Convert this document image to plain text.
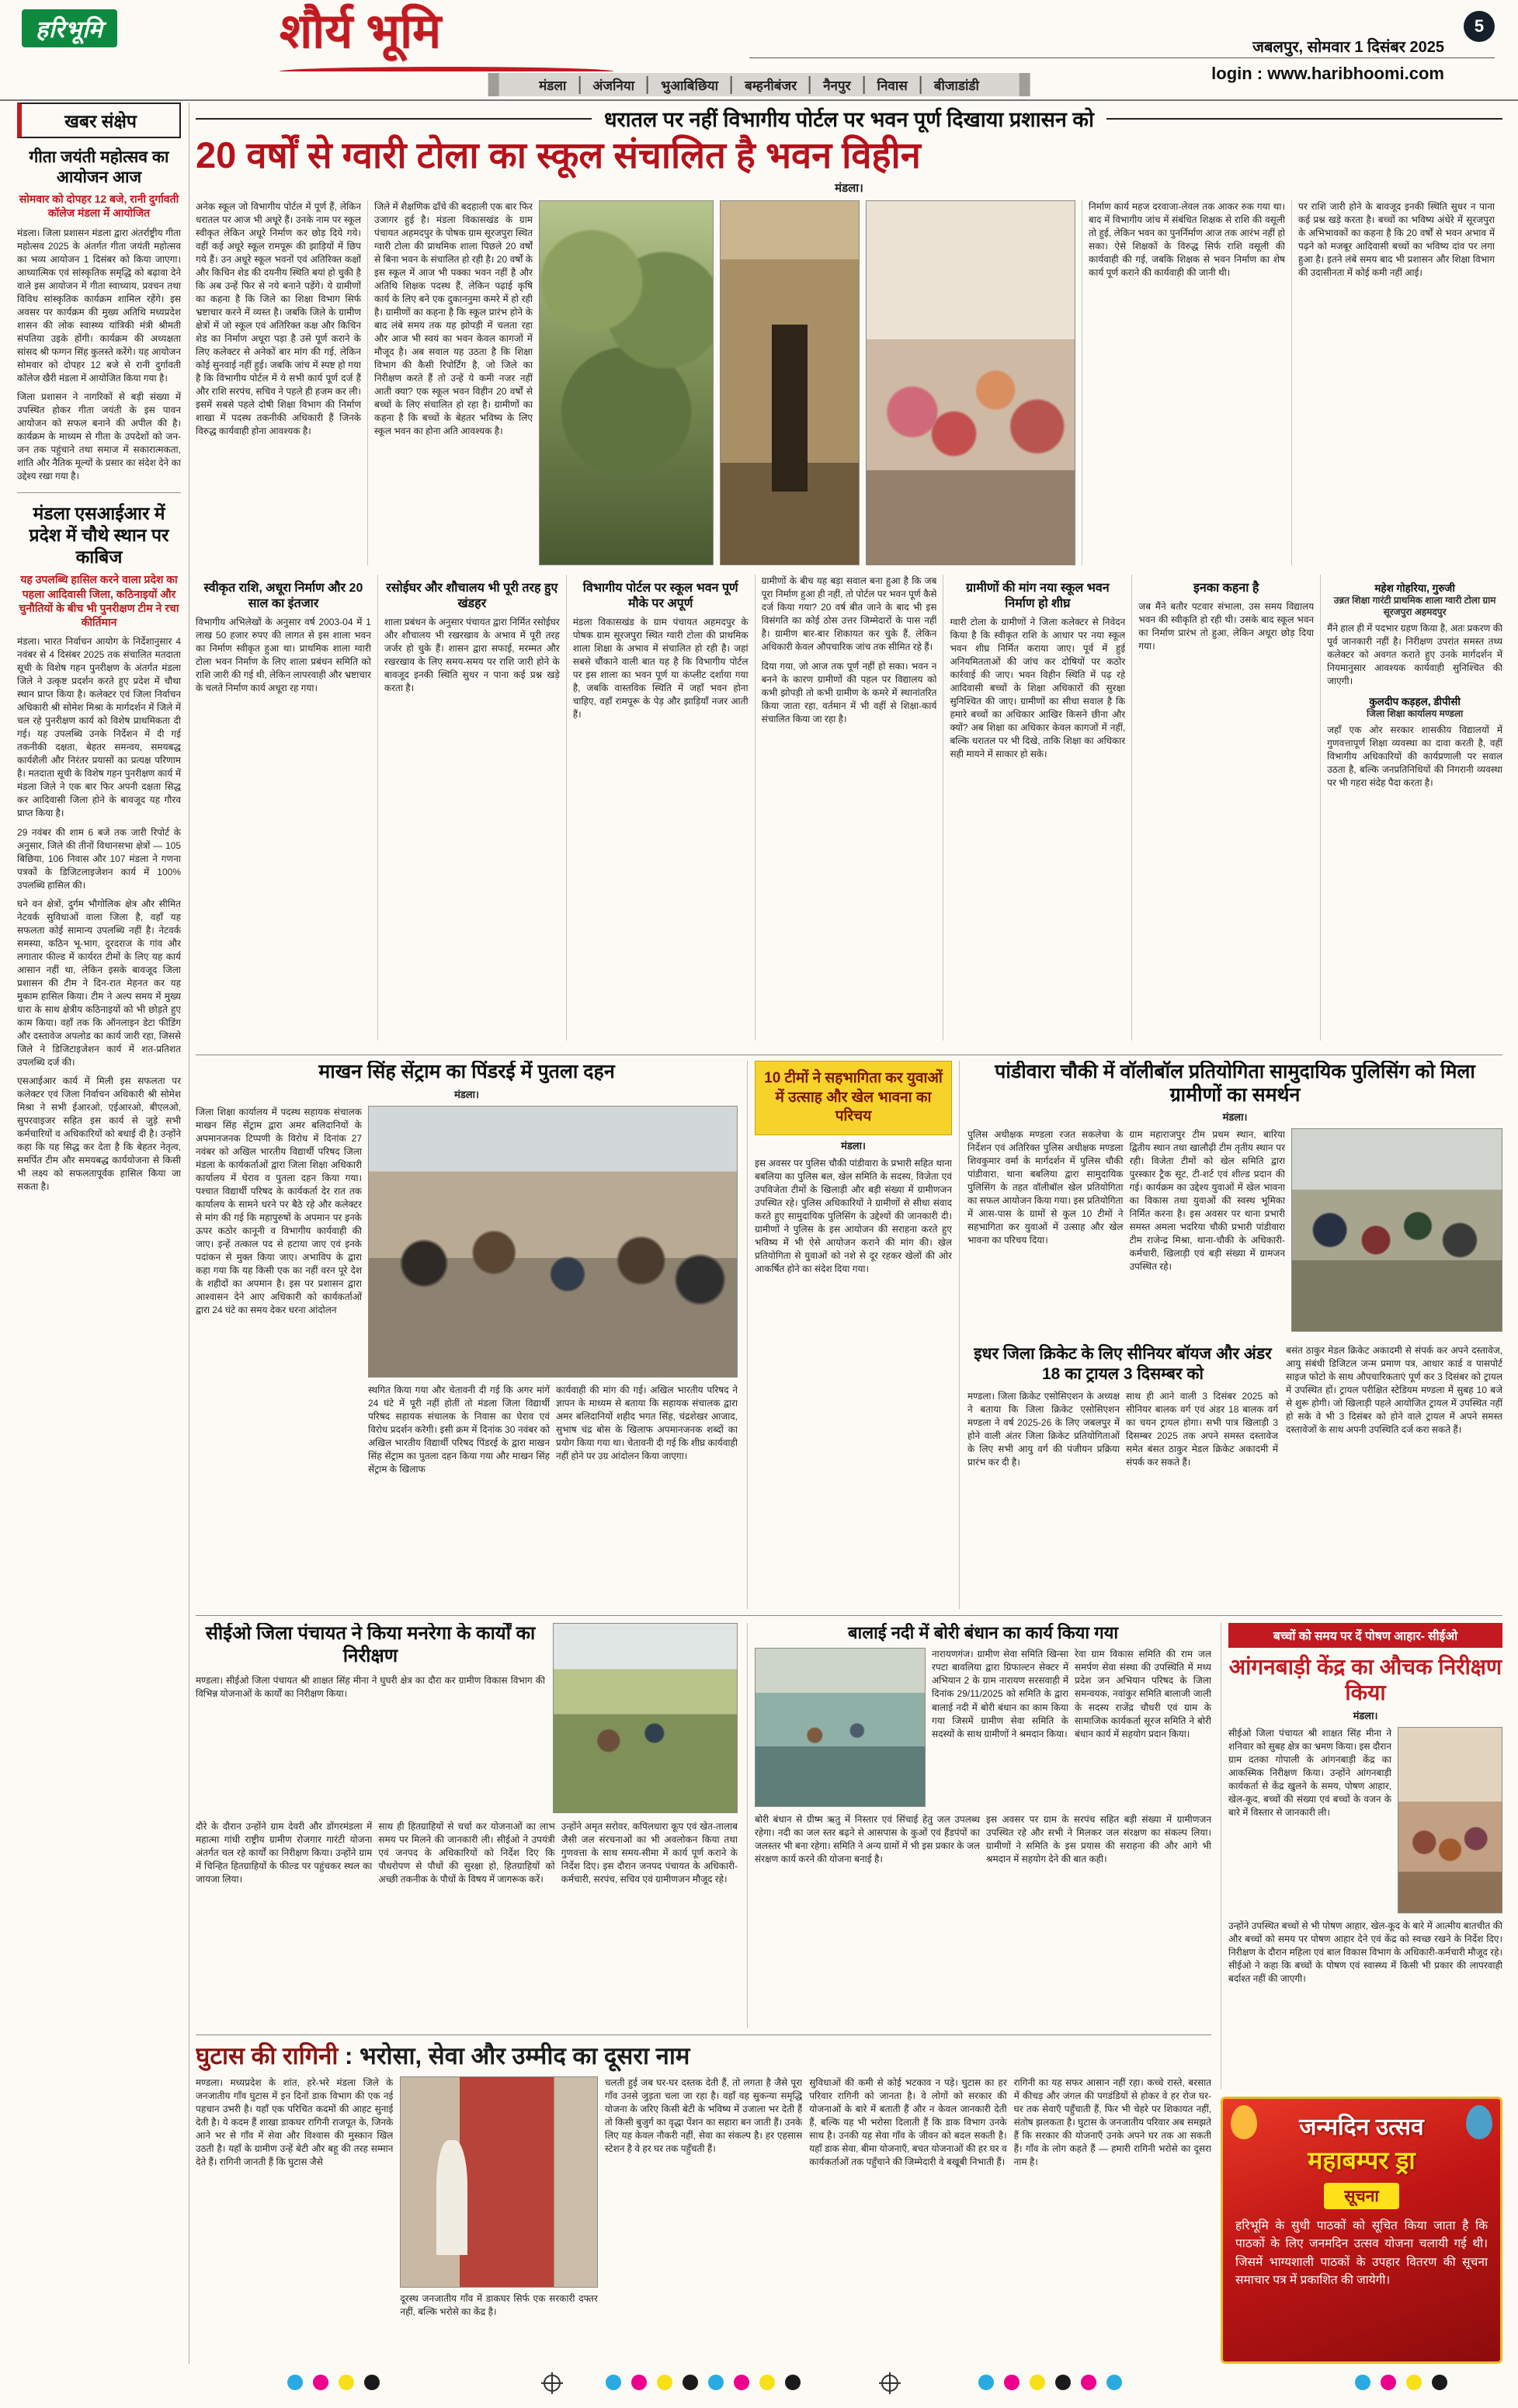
हरिभूमि	शौर्य भूमि	5
जबलपुर, सोमवार 1 दिसंबर 2025
login : www.haribhoomi.com
मंडला	अंजनिया	भुआबिछिया	बम्हनीबंजर	नैनपुर	निवास	बीजाडांडी
खबर संक्षेप
गीता जयंती महोत्सव का आयोजन आज
सोमवार को दोपहर 12 बजे, रानी दुर्गावती कॉलेज मंडला में आयोजित

मंडला। जिला प्रशासन मंडला द्वारा अंतर्राष्ट्रीय गीता महोत्सव 2025 के अंतर्गत गीता जयंती महोत्सव का भव्य आयोजन 1 दिसंबर को किया जाएगा। आध्यात्मिक एवं सांस्कृतिक समृद्धि को बढ़ावा देने वाले इस आयोजन में गीता स्वाध्याय, प्रवचन तथा विविध सांस्कृतिक कार्यक्रम शामिल रहेंगे। इस अवसर पर कार्यक्रम की मुख्य अतिथि मध्यप्रदेश शासन की लोक स्वास्थ्य यांत्रिकी मंत्री श्रीमती संपतिया उइके होंगी। कार्यक्रम की अध्यक्षता सांसद श्री फग्गन सिंह कुलस्ते करेंगे। यह आयोजन सोमवार को दोपहर 12 बजे से रानी दुर्गावती कॉलेज खैरी मंडला में आयोजित किया गया है।

जिला प्रशासन ने नागरिकों से बड़ी संख्या में उपस्थित होकर गीता जयंती के इस पावन आयोजन को सफल बनाने की अपील की है। कार्यक्रम के माध्यम से गीता के उपदेशों को जन-जन तक पहुंचाने तथा समाज में सकारात्मकता, शांति और नैतिक मूल्यों के प्रसार का संदेश देने का उद्देश्य रखा गया है।

मंडला एसआईआर में प्रदेश में चौथे स्थान पर काबिज
यह उपलब्धि हासिल करने वाला प्रदेश का पहला आदिवासी जिला, कठिनाइयों और चुनौतियों के बीच भी पुनरीक्षण टीम ने रचा कीर्तिमान

मंडला। भारत निर्वाचन आयोग के निर्देशानुसार 4 नवंबर से 4 दिसंबर 2025 तक संचालित मतदाता सूची के विशेष गहन पुनरीक्षण के अंतर्गत मंडला जिले ने उत्कृष्ट प्रदर्शन करते हुए प्रदेश में चौथा स्थान प्राप्त किया है। कलेक्टर एवं जिला निर्वाचन अधिकारी श्री सोमेश मिश्रा के मार्गदर्शन में जिले में चल रहे पुनरीक्षण कार्य को विशेष प्राथमिकता दी गई। यह उपलब्धि उनके निर्देशन में दी गई तकनीकी दक्षता, बेहतर समन्वय, समयबद्ध कार्यशैली और निरंतर प्रयासों का प्रत्यक्ष परिणाम है। मतदाता सूची के विशेष गहन पुनरीक्षण कार्य में मंडला जिले ने एक बार फिर अपनी दक्षता सिद्ध कर आदिवासी जिला होने के बावजूद यह गौरव प्राप्त किया है।

29 नवंबर की शाम 6 बजे तक जारी रिपोर्ट के अनुसार, जिले की तीनों विधानसभा क्षेत्रों — 105 बिछिया, 106 निवास और 107 मंडला ने गणना पत्रकों के डिजिटलाइजेशन कार्य में 100% उपलब्धि हासिल की।

घने वन क्षेत्रों, दुर्गम भौगोलिक क्षेत्र और सीमित नेटवर्क सुविधाओं वाला जिला है, वहाँ यह सफलता कोई सामान्य उपलब्धि नहीं है। नेटवर्क समस्या, कठिन भू-भाग, दूरदराज के गांव और लगातार फील्ड में कार्यरत टीमों के लिए यह कार्य आसान नहीं था, लेकिन इसके बावजूद जिला प्रशासन की टीम ने दिन-रात मेहनत कर यह मुकाम हासिल किया। टीम ने अल्प समय में मुख्य धारा के साथ क्षेत्रीय कठिनाइयों को भी छोड़ते हुए काम किया। वहाँ तक कि ऑनलाइन डेटा फीडिंग और दस्तावेज अपलोड का कार्य जारी रहा, जिससे जिले ने डिजिटाइजेशन कार्य में शत-प्रतिशत उपलब्धि दर्ज की।

एसआईआर कार्य में मिली इस सफलता पर कलेक्टर एवं जिला निर्वाचन अधिकारी श्री सोमेश मिश्रा ने सभी ईआरओ, एईआरओ, बीएलओ, सुपरवाइजर सहित इस कार्य से जुड़े सभी कर्मचारियों व अधिकारियों को बधाई दी है। उन्होंने कहा कि यह सिद्ध कर देता है कि बेहतर नेतृत्व, समर्पित टीम और समयबद्ध कार्ययोजना से किसी भी लक्ष्य को सफलतापूर्वक हासिल किया जा सकता है।

धरातल पर नहीं विभागीय पोर्टल पर भवन पूर्ण दिखाया प्रशासन को
20 वर्षों से ग्वारी टोला का स्कूल संचालित है भवन विहीन
मंडला।
अनेक स्कूल जो विभागीय पोर्टल में पूर्ण हैं, लेकिन धरातल पर आज भी अधूरे हैं। उनके नाम पर स्कूल स्वीकृत लेकिन अधूरे निर्माण कर छोड़ दिये गये। वहीं कई अधूरे स्कूल रामपूरू की झाड़ियों में छिप गये हैं। उन अधूरे स्कूल भवनों एवं अतिरिक्त कक्षों और किचिन शेड की दयनीय स्थिति बयां हो चुकी है कि अब उन्हें फिर से नये बनाने पड़ेंगे। ये ग्रामीणों का कहना है कि जिले का शिक्षा विभाग सिर्फ भ्रष्टाचार करने में व्यस्त है। जबकि जिले के ग्रामीण क्षेत्रों में जो स्कूल एवं अतिरिक्त कक्ष और किचिन शेड का निर्माण अधूरा पड़ा है उसे पूर्ण कराने के लिए कलेक्टर से अनेकों बार मांग की गई, लेकिन कोई सुनवाई नहीं हुई। जबकि जांच में स्पष्ट हो गया है कि विभागीय पोर्टल में ये सभी कार्य पूर्ण दर्ज हैं और राशि सरपंच, सचिव ने पहले ही हजम कर ली। इसमें सबसे पहले दोषी शिक्षा विभाग की निर्माण शाखा में पदस्थ तकनीकी अधिकारी हैं जिनके विरुद्ध कार्यवाही होना आवश्यक है।
जिले में शैक्षणिक ढाँचे की बदहाली एक बार फिर उजागर हुई है। मंडला विकासखंड के ग्राम पंचायत अहमदपुर के पोषक ग्राम सूरजपुरा स्थित ग्वारी टोला की प्राथमिक शाला पिछले 20 वर्षों से बिना भवन के संचालित हो रही है। 20 वर्षों के इस स्कूल में आज भी पक्का भवन नहीं है और अतिथि शिक्षक पदस्थ हैं, लेकिन पढ़ाई कृषि कार्य के लिए बने एक दुकाननुमा कमरे में हो रही है। ग्रामीणों का कहना है कि स्कूल प्रारंभ होने के बाद लंबे समय तक यह झोपड़ी में चलता रहा और आज भी स्वयं का भवन केवल कागजों में मौजूद है। अब सवाल यह उठता है कि शिक्षा विभाग की कैसी रिपोर्टिंग है, जो जिले का निरीक्षण करते हैं तो उन्हें ये कमी नजर नहीं आती क्या? एक स्कूल भवन विहीन 20 वर्षों से बच्चों के लिए संचालित हो रहा है। ग्रामीणों का कहना है कि बच्चों के बेहतर भविष्य के लिए स्कूल भवन का होना अति आवश्यक है।
निर्माण कार्य महज दरवाजा-लेवल तक आकर रुक गया था। बाद में विभागीय जांच में संबंधित शिक्षक से राशि की वसूली तो हुई, लेकिन भवन का पुनर्निर्माण आज तक आरंभ नहीं हो सका। ऐसे शिक्षकों के विरुद्ध सिर्फ राशि वसूली की कार्यवाही की गई, जबकि शिक्षक से भवन निर्माण का शेष कार्य पूर्ण कराने की कार्यवाही की जानी थी।
पर राशि जारी होने के बावजूद इनकी स्थिति सुधर न पाना कई प्रश्न खड़े करता है। बच्चों का भविष्य अंधेरे में सूरजपुरा के अभिभावकों का कहना है कि 20 वर्षों से भवन अभाव में पढ़ने को मजबूर आदिवासी बच्चों का भविष्य दांव पर लगा हुआ है। इतने लंबे समय बाद भी प्रशासन और शिक्षा विभाग की उदासीनता में कोई कमी नहीं आई।
स्वीकृत राशि, अधूरा निर्माण और 20 साल का इंतजार
विभागीय अभिलेखों के अनुसार वर्ष 2003-04 में 1 लाख 50 हजार रुपए की लागत से इस शाला भवन का निर्माण स्वीकृत हुआ था। प्राथमिक शाला ग्वारी टोला भवन निर्माण के लिए शाला प्रबंधन समिति को राशि जारी की गई थी, लेकिन लापरवाही और भ्रष्टाचार के चलते निर्माण कार्य अधूरा रह गया।
रसोईघर और शौचालय भी पूरी तरह हुए खंडहर
शाला प्रबंधन के अनुसार पंचायत द्वारा निर्मित रसोईघर और शौचालय भी रखरखाव के अभाव में पूरी तरह जर्जर हो चुके हैं। शासन द्वारा सफाई, मरम्मत और रखरखाव के लिए समय-समय पर राशि जारी होने के बावजूद इनकी स्थिति सुधर न पाना कई प्रश्न खड़े करता है।
विभागीय पोर्टल पर स्कूल भवन पूर्ण मौके पर अपूर्ण
मंडला विकासखंड के ग्राम पंचायत अहमदपुर के पोषक ग्राम सूरजपुरा स्थित ग्वारी टोला की प्राथमिक शाला शिक्षा के अभाव में संचालित हो रही है। जहां सबसे चौंकाने वाली बात यह है कि विभागीय पोर्टल पर इस शाला का भवन पूर्ण या कंप्लीट दर्शाया गया है, जबकि वास्तविक स्थिति में जहाँ भवन होना चाहिए, वहाँ रामपूरू के पेड़ और झाड़ियाँ नजर आती हैं।
ग्रामीणों के बीच यह बड़ा सवाल बना हुआ है कि जब पूरा निर्माण हुआ ही नहीं, तो पोर्टल पर भवन पूर्ण कैसे दर्ज किया गया? 20 वर्ष बीत जाने के बाद भी इस विसंगति का कोई ठोस उत्तर जिम्मेदारों के पास नहीं है। ग्रामीण बार-बार शिकायत कर चुके हैं, लेकिन अधिकारी केवल औपचारिक जांच तक सीमित रहे हैं।
दिया गया, जो आज तक पूर्ण नहीं हो सका। भवन न बनने के कारण ग्रामीणों की पहल पर विद्यालय को कभी झोपड़ी तो कभी ग्रामीण के कमरे में स्थानांतरित किया जाता रहा, वर्तमान में भी वहीं से शिक्षा-कार्य संचालित किया जा रहा है।
ग्रामीणों की मांग नया स्कूल भवन निर्माण हो शीघ्र
ग्वारी टोला के ग्रामीणों ने जिला कलेक्टर से निवेदन किया है कि स्वीकृत राशि के आधार पर नया स्कूल भवन शीघ्र निर्मित कराया जाए। पूर्व में हुई अनियमितताओं की जांच कर दोषियों पर कठोर कार्रवाई की जाए। भवन विहीन स्थिति में पढ़ रहे आदिवासी बच्चों के शिक्षा अधिकारों की सुरक्षा सुनिश्चित की जाए। ग्रामीणों का सीधा सवाल है कि हमारे बच्चों का अधिकार आखिर किसने छीना और क्यों? अब शिक्षा का अधिकार केवल कागजों में नहीं, बल्कि धरातल पर भी दिखे, ताकि शिक्षा का अधिकार सही मायने में साकार हो सके।
इनका कहना है
जब मैंने बतौर पटवार संभाला, उस समय विद्यालय भवन की स्वीकृति हो रही थी। उसके बाद स्कूल भवन का निर्माण प्रारंभ तो हुआ, लेकिन अधूरा छोड़ दिया गया।
महेश गोहरिया, गुरुजी
उन्नत शिक्षा गारंटी प्राथमिक शाला ग्वारी टोला ग्राम सूरजपुरा अहमदपुर
मैंने हाल ही में पदभार ग्रहण किया है, अतः प्रकरण की पूर्व जानकारी नहीं है। निरीक्षण उपरांत समस्त तथ्य कलेक्टर को अवगत कराते हुए उनके मार्गदर्शन में नियमानुसार आवश्यक कार्यवाही सुनिश्चित की जाएगी।
कुलदीप कड़हल, डीपीसी
जिला शिक्षा कार्यालय मण्डला
जहाँ एक ओर सरकार शासकीय विद्यालयों में गुणवत्तापूर्ण शिक्षा व्यवस्था का दावा करती है, वहीं विभागीय अधिकारियों की कार्यप्रणाली पर सवाल उठता है, बल्कि जनप्रतिनिधियों की निगरानी व्यवस्था पर भी गहरा संदेह पैदा करता है।
माखन सिंह सेंट्राम का पिंडरई में पुतला दहन
मंडला।
जिला शिक्षा कार्यालय में पदस्थ सहायक संचालक माखन सिंह सेंट्राम द्वारा अमर बलिदानियों के अपमानजनक टिप्पणी के विरोध में दिनांक 27 नवंबर को अखिल भारतीय विद्यार्थी परिषद जिला मंडला के कार्यकर्ताओं द्वारा जिला शिक्षा अधिकारी कार्यालय में घेराव व पुतला दहन किया गया। पश्चात विद्यार्थी परिषद के कार्यकर्ता देर रात तक कार्यालय के सामने धरने पर बैठे रहे और कलेक्टर से मांग की गई कि महापुरुषों के अपमान पर इनके ऊपर कठोर कानूनी व विभागीय कार्यवाही की जाए। इन्हें तत्काल पद से हटाया जाए एवं इनके पदांकन से मुक्त किया जाए। अभाविप के द्वारा कहा गया कि यह किसी एक का नहीं वरन पूरे देश के शहीदों का अपमान है। इस पर प्रशासन द्वारा आश्वासन देने आए अधिकारी को कार्यकर्ताओं द्वारा 24 घंटे का समय देकर धरना आंदोलन
स्थगित किया गया और चेतावनी दी गई कि अगर मांगें 24 घंटे में पूरी नहीं होतीं तो मंडला जिला विद्यार्थी परिषद सहायक संचालक के निवास का घेराव एवं विरोध प्रदर्शन करेगी। इसी क्रम में दिनांक 30 नवंबर को अखिल भारतीय विद्यार्थी परिषद पिंडरई के द्वारा माखन सिंह सेंट्राम का पुतला दहन किया गया और माखन सिंह सेंट्राम के खिलाफ
कार्यवाही की मांग की गई। अखिल भारतीय परिषद ने ज्ञापन के माध्यम से बताया कि सहायक संचालक द्वारा अमर बलिदानियों शहीद भगत सिंह, चंद्रशेखर आजाद, सुभाष चंद्र बोस के खिलाफ अपमानजनक शब्दों का प्रयोग किया गया था। चेतावनी दी गई कि शीघ्र कार्यवाही नहीं होने पर उग्र आंदोलन किया जाएगा।
10 टीमों ने सहभागिता कर युवाओं में उत्साह और खेल भावना का परिचय
मंडला।
इस अवसर पर पुलिस चौकी पांडीवारा के प्रभारी सहित थाना बबलिया का पुलिस बल, खेल समिति के सदस्य, विजेता एवं उपविजेता टीमों के खिलाड़ी और बड़ी संख्या में ग्रामीणजन उपस्थित रहे। पुलिस अधिकारियों ने ग्रामीणों से सीधा संवाद करते हुए सामुदायिक पुलिसिंग के उद्देश्यों की जानकारी दी। ग्रामीणों ने पुलिस के इस आयोजन की सराहना करते हुए भविष्य में भी ऐसे आयोजन कराने की मांग की। खेल प्रतियोगिता से युवाओं को नशे से दूर रहकर खेलों की ओर आकर्षित होने का संदेश दिया गया।
पांडीवारा चौकी में वॉलीबॉल प्रतियोगिता सामुदायिक पुलिसिंग को मिला ग्रामीणों का समर्थन
मंडला।
पुलिस अधीक्षक मण्डला रजत सकलेचा के निर्देशन एवं अतिरिक्त पुलिस अधीक्षक मण्डला शिवकुमार वर्मा के मार्गदर्शन में पुलिस चौकी पांडीवारा, थाना बबलिया द्वारा सामुदायिक पुलिसिंग के तहत वॉलीबॉल खेल प्रतियोगिता का सफल आयोजन किया गया। इस प्रतियोगिता में आस-पास के ग्रामों से कुल 10 टीमों ने सहभागिता कर युवाओं में उत्साह और खेल भावना का परिचय दिया।
ग्राम महाराजपुर टीम प्रथम स्थान, बारिया द्वितीय स्थान तथा खालौढ़ी टीम तृतीय स्थान पर रही। विजेता टीमों को खेल समिति द्वारा पुरस्कार ट्रैक सूट, टी-शर्ट एवं शील्ड प्रदान की गई। कार्यक्रम का उद्देश्य युवाओं में खेल भावना का विकास तथा युवाओं की स्वस्थ भूमिका निर्मित करना है। इस अवसर पर थाना प्रभारी समस्त अमला भदरिया चौकी प्रभारी पांडीवारा टीम राजेन्द्र मिश्रा, थाना-चौकी के अधिकारी-कर्मचारी, खिलाड़ी एवं बड़ी संख्या में ग्रामजन उपस्थित रहे।
इधर जिला क्रिकेट के लिए सीनियर बॉयज और अंडर 18 का ट्रायल 3 दिसम्बर को
मण्डला। जिला क्रिकेट एसोसिएशन के अध्यक्ष ने बताया कि जिला क्रिकेट एसोसिएशन मण्डला ने वर्ष 2025-26 के लिए जबलपुर में होने वाली अंतर जिला क्रिकेट प्रतियोगिताओं के लिए सभी आयु वर्ग की पंजीयन प्रक्रिया प्रारंभ कर दी है।
साथ ही आने वाली 3 दिसंबर 2025 को सीनियर बालक वर्ग एवं अंडर 18 बालक वर्ग का चयन ट्रायल होगा। सभी पात्र खिलाड़ी 3 दिसम्बर 2025 तक अपने समस्त दस्तावेज समेत बंसत ठाकुर मेडल क्रिकेट अकादमी में संपर्क कर सकते हैं।
बसंत ठाकुर मेडल क्रिकेट अकादमी से संपर्क कर अपने दस्तावेज, आयु संबंधी डिजिटल जन्म प्रमाण पत्र, आधार कार्ड व पासपोर्ट साइज फोटो के साथ औपचारिकताएं पूर्ण कर 3 दिसंबर को ट्रायल में उपस्थित हों। ट्रायल परीक्षित स्टेडियम मण्डला में सुबह 10 बजे से शुरू होगी। जो खिलाड़ी पहले आयोजित ट्रायल में उपस्थित नहीं हो सके वे भी 3 दिसंबर को होने वाले ट्रायल में अपने समस्त दस्तावेजों के साथ अपनी उपस्थिति दर्ज करा सकते हैं।
सीईओ जिला पंचायत ने किया मनरेगा के कार्यों का निरीक्षण
मण्डला। सीईओ जिला पंचायत श्री शाक्षत सिंह मीना ने घुघरी क्षेत्र का दौरा कर ग्रामीण विकास विभाग की विभिन्न योजनाओं के कार्यों का निरीक्षण किया।
दौरे के दौरान उन्होंने ग्राम देवरी और डोंगरमंडला में महात्मा गांधी राष्ट्रीय ग्रामीण रोजगार गारंटी योजना अंतर्गत चल रहे कार्यों का निरीक्षण किया। उन्होंने ग्राम में चिन्हित हितग्राहियों के फील्ड पर पहुंचकर स्थल का जायजा लिया।
साथ ही हितग्राहियों से चर्चा कर योजनाओं का लाभ समय पर मिलने की जानकारी ली। सीईओ ने उपयंत्री एवं जनपद के अधिकारियों को निर्देश दिए कि पौधरोपण से पौधों की सुरक्षा हो, हितग्राहियों को अच्छी तकनीक के पौधों के विषय में जागरूक करें।
उन्होंने अमृत सरोवर, कपिलधारा कूप एवं खेत-तालाब जैसी जल संरचनाओं का भी अवलोकन किया तथा गुणवत्ता के साथ समय-सीमा में कार्य पूर्ण कराने के निर्देश दिए। इस दौरान जनपद पंचायत के अधिकारी-कर्मचारी, सरपंच, सचिव एवं ग्रामीणजन मौजूद रहे।
बालाई नदी में बोरी बंधान का कार्य किया गया
नारायणगंज। ग्रामीण सेवा समिति खिन्सा रपटा बावलिया द्वारा ग्रिफाल्टन सेक्टर में अभियान 2 के ग्राम नारायण सरसवाही में दिनांक 29/11/2025 को समिति के द्वारा बालाई नदी में बोरी बंधान का काम किया गया जिसमें ग्रामीण सेवा समिति के सदस्यों के साथ ग्रामीणों ने श्रमदान किया।
रेवा ग्राम विकास समिति की राम जल समर्पण सेवा संस्था की उपस्थिति में मध्य प्रदेश जन अभियान परिषद के जिला समन्वयक, नवांकुर समिति बालाजी जाली के सदस्य राजेंद्र चौधरी एवं ग्राम के सामाजिक कार्यकर्ता सूरज समिति ने बोरी बंधान कार्य में सहयोग प्रदान किया।
बोरी बंधान से ग्रीष्म ऋतु में निस्तार एवं सिंचाई हेतु जल उपलब्ध रहेगा। नदी का जल स्तर बढ़ने से आसपास के कुओं एवं हैंडपंपों का जलस्तर भी बना रहेगा। समिति ने अन्य ग्रामों में भी इस प्रकार के जल संरक्षण कार्य करने की योजना बनाई है।
इस अवसर पर ग्राम के सरपंच सहित बड़ी संख्या में ग्रामीणजन उपस्थित रहे और सभी ने मिलकर जल संरक्षण का संकल्प लिया। ग्रामीणों ने समिति के इस प्रयास की सराहना की और आगे भी श्रमदान में सहयोग देने की बात कही।
बच्चों को समय पर दें पोषण आहार- सीईओ
आंगनबाड़ी केंद्र का औचक निरीक्षण किया
मंडला।
सीईओ जिला पंचायत श्री शाक्षत सिंह मीना ने शनिवार को सुबह क्षेत्र का भ्रमण किया। इस दौरान ग्राम दतका गोपाली के आंगनबाड़ी केंद्र का आकस्मिक निरीक्षण किया। उन्होंने आंगनबाड़ी कार्यकर्ता से केंद्र खुलने के समय, पोषण आहार, खेल-कूद, बच्चों की संख्या एवं बच्चों के वजन के बारे में विस्तार से जानकारी ली।
उन्होंने उपस्थित बच्चों से भी पोषण आहार, खेल-कूद के बारे में आत्मीय बातचीत की और बच्चों को समय पर पोषण आहार देने एवं केंद्र को स्वच्छ रखने के निर्देश दिए। निरीक्षण के दौरान महिला एवं बाल विकास विभाग के अधिकारी-कर्मचारी मौजूद रहे। सीईओ ने कहा कि बच्चों के पोषण एवं स्वास्थ्य में किसी भी प्रकार की लापरवाही बर्दाश्त नहीं की जाएगी।
घुटास की रागिनी : भरोसा, सेवा और उम्मीद का दूसरा नाम
मण्डला। मध्यप्रदेश के शांत, हरे-भरे मंडला जिले के जनजातीय गाँव घुटास में इन दिनों डाक विभाग की एक नई पहचान उभरी है। यहाँ एक परिचित कदमों की आहट सुनाई देती है। ये कदम हैं शाखा डाकघर रागिनी राजपूत के, जिनके आने भर से गाँव में सेवा और विश्वास की मुस्कान खिल उठती है। यहाँ के ग्रामीण उन्हें बेटी और बहू की तरह सम्मान देते हैं। रागिनी जानती हैं कि घुटास जैसे
दूरस्थ जनजातीय गाँव में डाकघर सिर्फ एक सरकारी दफ्तर नहीं, बल्कि भरोसे का केंद्र है।
चलती हुई जब घर-घर दस्तक देती हैं, तो लगता है जैसे पूरा गाँव उनसे जुड़ता चला जा रहा है। वहाँ वह सुकन्या समृद्धि योजना के जरिए किसी बेटी के भविष्य में उजाला भर देती हैं तो किसी बुजुर्ग का वृद्धा पेंशन का सहारा बन जाती हैं। उनके लिए यह केवल नौकरी नहीं, सेवा का संकल्प है। हर एहसास स्टेशन है वे हर घर तक पहुँचती हैं।
सुविधाओं की कमी से कोई भटकाव न पड़े। घुटास का हर परिवार रागिनी को जानता है। वे लोगों को सरकार की योजनाओं के बारे में बताती हैं और न केवल जानकारी देती हैं, बल्कि यह भी भरोसा दिलाती हैं कि डाक विभाग उनके साथ है। उनकी यह सेवा गाँव के जीवन को बदल सकती है। यहाँ डाक सेवा, बीमा योजनाएँ, बचत योजनाओं की हर घर व कार्यकर्ताओं तक पहुँचाने की जिम्मेदारी वे बखूबी निभाती हैं।
रागिनी का यह सफर आसान नहीं रहा। कच्चे रास्ते, बरसात में कीचड़ और जंगल की पगडंडियों से होकर वे हर रोज घर-घर तक सेवाएँ पहुँचाती हैं, फिर भी चेहरे पर शिकायत नहीं, संतोष झलकता है। घुटास के जनजातीय परिवार अब समझते हैं कि सरकार की योजनाएँ उनके अपने घर तक आ सकती हैं। गाँव के लोग कहते हैं — हमारी रागिनी भरोसे का दूसरा नाम है।
जन्मदिन उत्सव
महाबम्पर ड्रा
सूचना
हरिभूमि के सुधी पाठकों को सूचित किया जाता है कि पाठकों के लिए जनमदिन उत्सव योजना चलायी गई थी। जिसमें भाग्यशाली पाठकों के उपहार वितरण की सूचना समाचार पत्र में प्रकाशित की जायेगी।
